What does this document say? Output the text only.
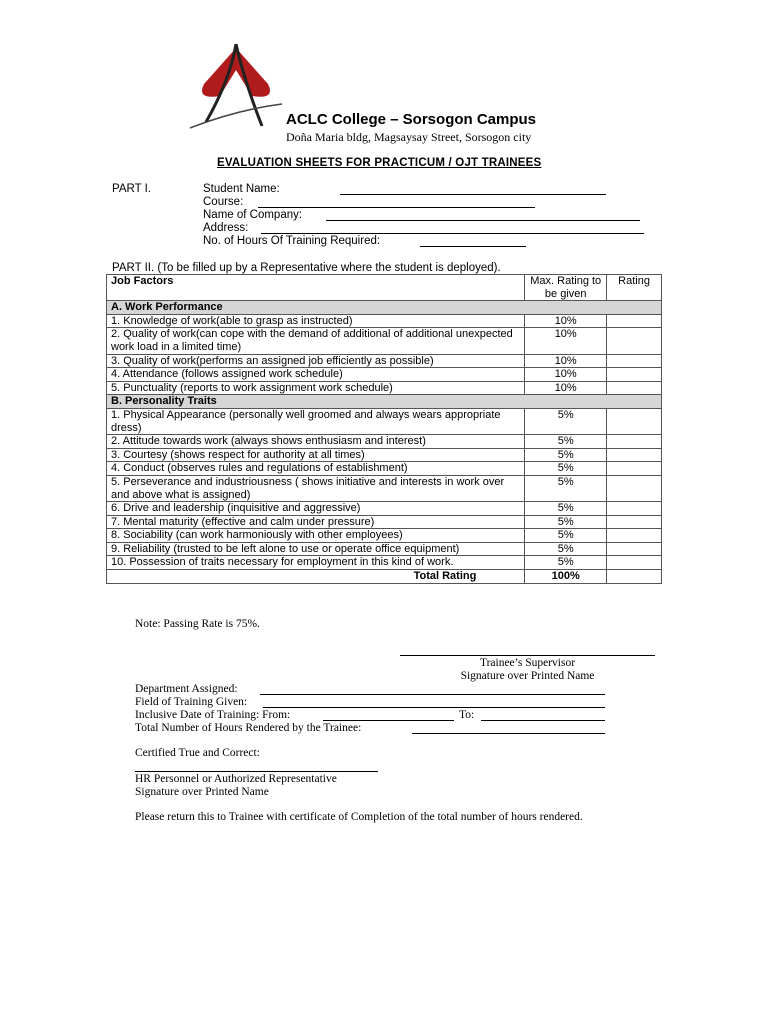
ACLC College – Sorsogon Campus
Doña Maria bldg, Magsaysay Street, Sorsogon city
EVALUATION SHEETS FOR PRACTICUM / OJT TRAINEES
PART I.	Student Name:
Course:
Name of Company:
Address:
No. of Hours Of Training Required:
PART II. (To be filled up by a Representative where the student is deployed).
Job Factors	Max. Rating to be given	Rating
A. Work Performance		
1. Knowledge of work(able to grasp as instructed)	10%	
2. Quality of work(can cope with the demand of additional of additional unexpected work load in a limited time)	10%	
3. Quality of work(performs an assigned job efficiently as possible)	10%	
4. Attendance (follows assigned work schedule)	10%	
5. Punctuality (reports to work assignment work schedule)	10%	
B. Personality Traits		
1. Physical Appearance (personally well groomed and always wears appropriate dress)	5%	
2. Attitude towards work (always shows enthusiasm and interest)	5%	
3. Courtesy (shows respect for authority at all times)	5%	
4. Conduct (observes rules and regulations of establishment)	5%	
5. Perseverance and industriousness ( shows initiative and interests in work over and above what is assigned)	5%	
6. Drive and leadership (inquisitive and aggressive)	5%	
7. Mental maturity (effective and calm under pressure)	5%	
8. Sociability (can work harmoniously with other employees)	5%	
9. Reliability (trusted to be left alone to use or operate office equipment)	5%	
10. Possession of traits necessary for employment in this kind of work.	5%	
Total Rating	100%	
Note: Passing Rate is 75%.
Trainee’s Supervisor
Signature over Printed Name
Department Assigned:
Field of Training Given:
Inclusive Date of Training: From:	To:
Total Number of Hours Rendered by the Trainee:
Certified True and Correct:
HR Personnel or Authorized Representative
Signature over Printed Name
Please return this to Trainee with certificate of Completion of the total number of hours rendered.
